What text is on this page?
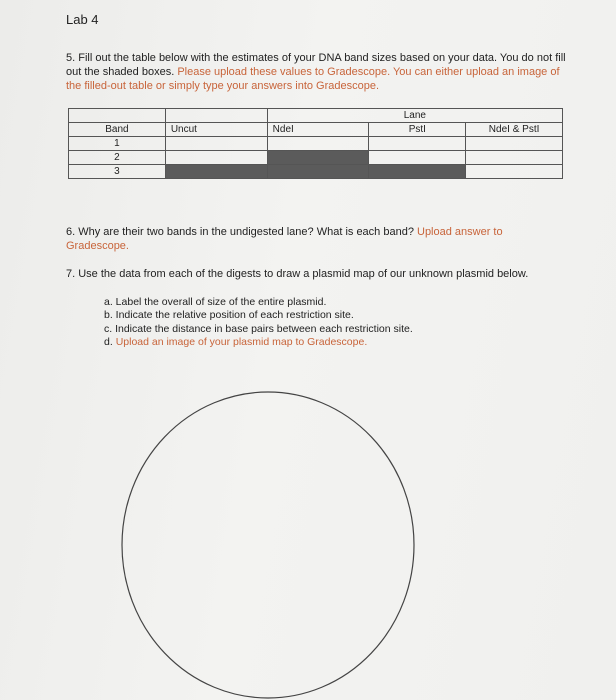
Lab 4
5. Fill out the table below with the estimates of your DNA band sizes based on your data. You do not fill out the shaded boxes. Please upload these values to Gradescope. You can either upload an image of the filled-out table or simply type your answers into Gradescope.
		Lane		
Band	Uncut	NdeI	PstI	NdeI & PstI
1				
2				
3				
6. Why are their two bands in the undigested lane? What is each band? Upload answer to Gradescope.
7. Use the data from each of the digests to draw a plasmid map of our unknown plasmid below.
a. Label the overall of size of the entire plasmid.
b. Indicate the relative position of each restriction site.
c. Indicate the distance in base pairs between each restriction site.
d. Upload an image of your plasmid map to Gradescope.
